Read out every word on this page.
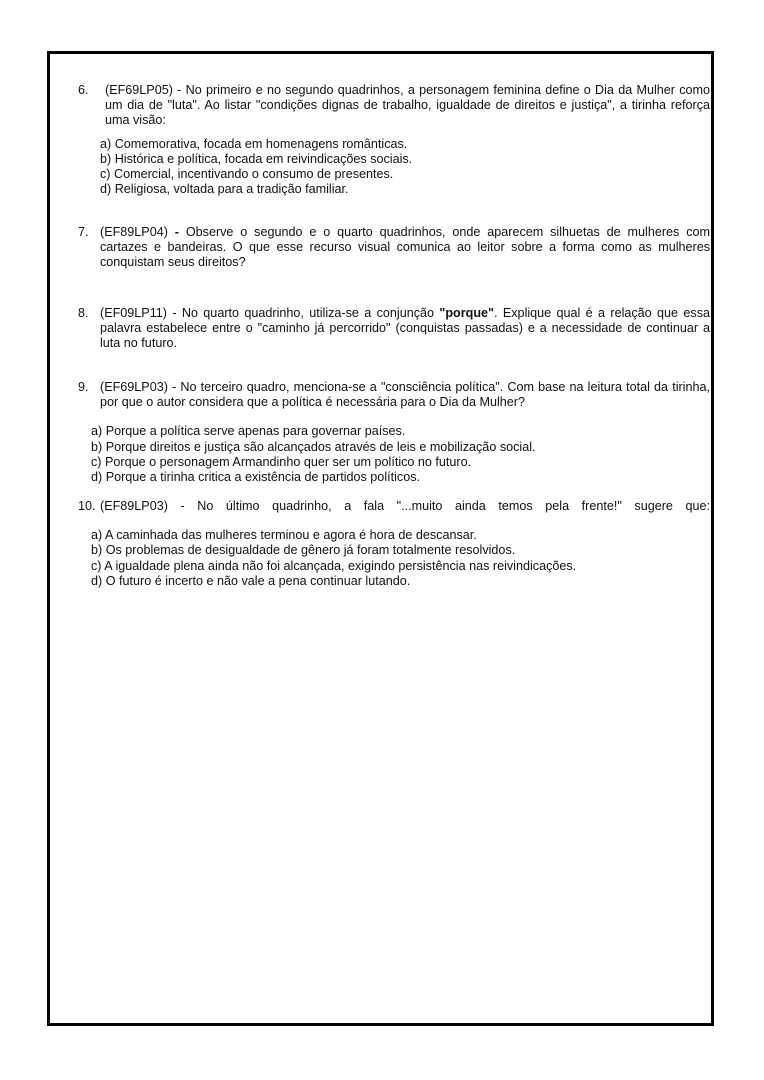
6. (EF69LP05) - No primeiro e no segundo quadrinhos, a personagem feminina define o Dia da Mulher como um dia de "luta". Ao listar "condições dignas de trabalho, igualdade de direitos e justiça", a tirinha reforça uma visão:
a) Comemorativa, focada em homenagens românticas.
b) Histórica e política, focada em reivindicações sociais.
c) Comercial, incentivando o consumo de presentes.
d) Religiosa, voltada para a tradição familiar.
7. (EF89LP04) - Observe o segundo e o quarto quadrinhos, onde aparecem silhuetas de mulheres com cartazes e bandeiras. O que esse recurso visual comunica ao leitor sobre a forma como as mulheres conquistam seus direitos?
8. (EF09LP11) - No quarto quadrinho, utiliza-se a conjunção "porque". Explique qual é a relação que essa palavra estabelece entre o "caminho já percorrido" (conquistas passadas) e a necessidade de continuar a luta no futuro.
9. (EF69LP03) - No terceiro quadro, menciona-se a "consciência política". Com base na leitura total da tirinha, por que o autor considera que a política é necessária para o Dia da Mulher?
a) Porque a política serve apenas para governar países.
b) Porque direitos e justiça são alcançados através de leis e mobilização social.
c) Porque o personagem Armandinho quer ser um político no futuro.
d) Porque a tirinha critica a existência de partidos políticos.
10. (EF89LP03) - No último quadrinho, a fala "...muito ainda temos pela frente!" sugere que:
a) A caminhada das mulheres terminou e agora é hora de descansar.
b) Os problemas de desigualdade de gênero já foram totalmente resolvidos.
c) A igualdade plena ainda não foi alcançada, exigindo persistência nas reivindicações.
d) O futuro é incerto e não vale a pena continuar lutando.
